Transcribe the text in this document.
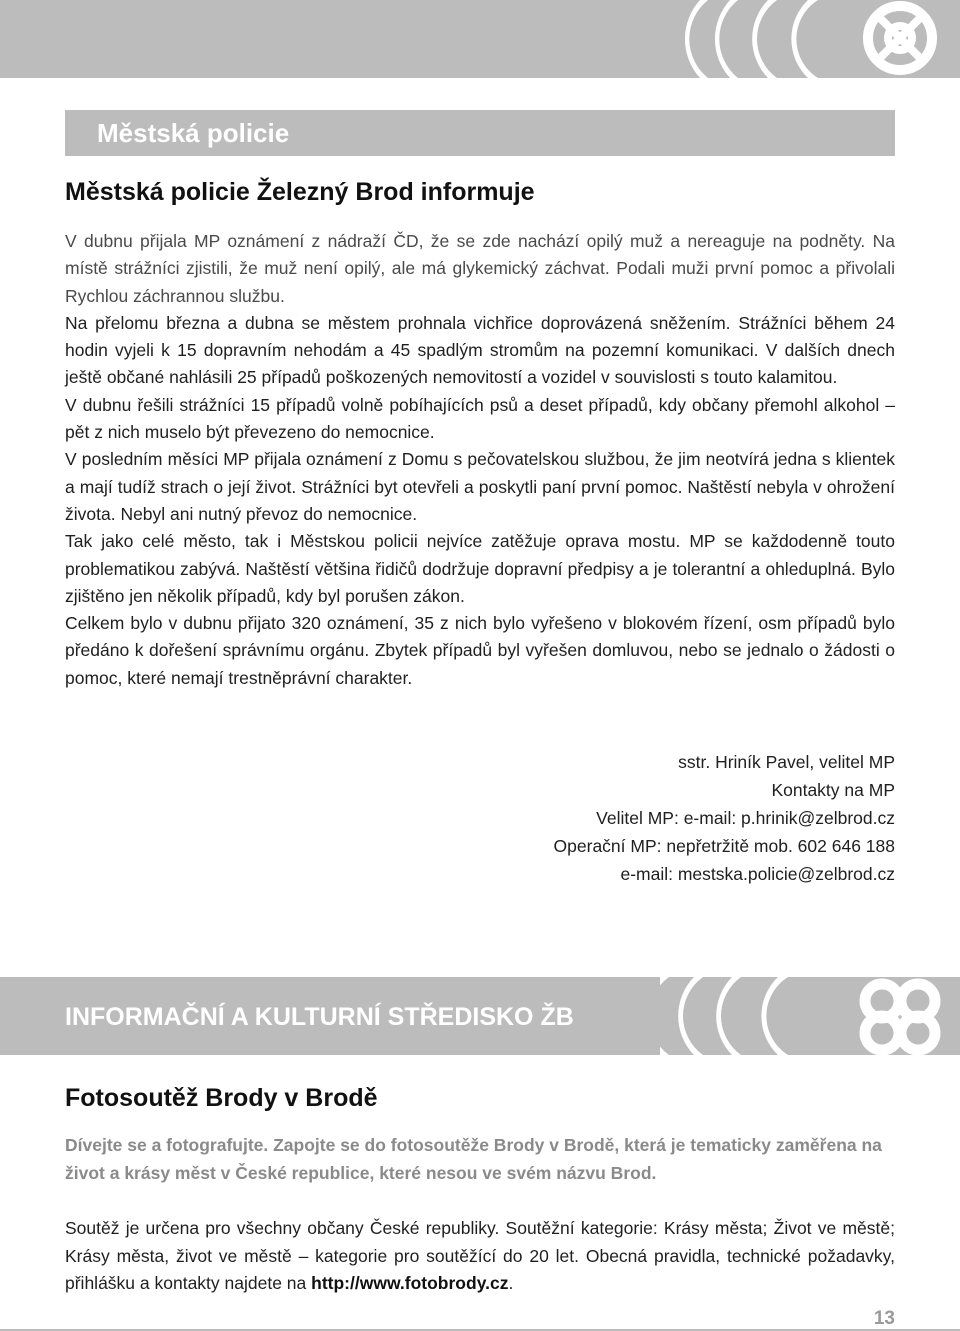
Městská policie
Městská policie Železný Brod informuje

V dubnu přijala MP oznámení z nádraží ČD, že se zde nachází opilý muž a nereaguje na podněty. Na místě strážníci zjistili, že muž není opilý, ale má glykemický záchvat. Podali muži první pomoc a přivolali Rychlou záchrannou službu.

Na přelomu března a dubna se městem prohnala vichřice doprovázená sněžením. Strážníci během 24 hodin vyjeli k 15 dopravním nehodám a 45 spadlým stromům na pozemní komunikaci. V dalších dnech ještě občané nahlásili 25 případů poškozených nemovitostí a vozidel v souvislosti s touto kalamitou.

V dubnu řešili strážníci 15 případů volně pobíhajících psů a deset případů, kdy občany přemohl alkohol – pět z nich muselo být převezeno do nemocnice.

V posledním měsíci MP přijala oznámení z Domu s pečovatelskou službou, že jim neotvírá jedna s klientek a mají tudíž strach o její život. Strážníci byt otevřeli a poskytli paní první pomoc. Naštěstí nebyla v ohrožení života. Nebyl ani nutný převoz do nemocnice.

Tak jako celé město, tak i Městskou policii nejvíce zatěžuje oprava mostu. MP se každodenně touto problematikou zabývá. Naštěstí většina řidičů dodržuje dopravní předpisy a je tolerantní a ohleduplná. Bylo zjištěno jen několik případů, kdy byl porušen zákon.

Celkem bylo v dubnu přijato 320 oznámení, 35 z nich bylo vyřešeno v blokovém řízení, osm případů bylo předáno k dořešení správnímu orgánu. Zbytek případů byl vyřešen domluvou, nebo se jednalo o žádosti o pomoc, které nemají trestněprávní charakter.

sstr. Hriník Pavel, velitel MP
Kontakty na MP
Velitel MP: e-mail: p.hrinik@zelbrod.cz
Operační MP: nepřetržitě mob. 602 646 188
e-mail: mestska.policie@zelbrod.cz
INFORMAČNÍ A KULTURNÍ STŘEDISKO ŽB
Fotosoutěž Brody v Brodě

Dívejte se a fotografujte. Zapojte se do fotosoutěže Brody v Brodě, která je tematicky zaměřena na život a krásy měst v České republice, které nesou ve svém názvu Brod.

Soutěž je určena pro všechny občany České republiky. Soutěžní kategorie: Krásy města; Život ve městě; Krásy města, život ve městě – kategorie pro soutěžící do 20 let. Obecná pravidla, technické požadavky, přihlášku a kontakty najdete na http://www.fotobrody.cz.

13
